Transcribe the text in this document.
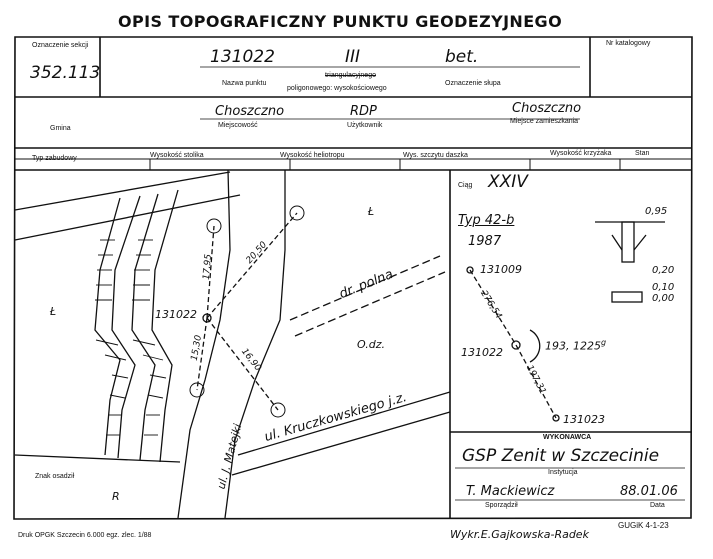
OPIS TOPOGRAFICZNY PUNKTU GEODEZYJNEGO
Oznaczenie sekcji
352.113
Nr katalogowy
131022	III	bet.
Nazwa punktu
triangulacyjnego
poligonowego: wysokościowego
Oznaczenie słupa
Gmina
Choszczno
Miejscowość
RDP
Użytkownik
Choszczno
Miejsce zamieszkania
Typ zabudowy	Wysokość stolika	Wysokość heliotropu	Wys. szczytu daszka	Wysokość krzyżaka	Stan
Ł
Ł
O.dz.
R
131022
dr. polna
ul. Kruczkowskiego j.z.
ul. J. Matejki
17,95
20,50
15,30	16,90
Znak osadził
Ciąg XXIV
Typ 42-b
1987
131009
131022
131023
276,54
197,31
193, 1225$^g$
0,95
0,20
0,10
0,00
WYKONAWCA
GSP Zenit w Szczecinie
Instytucja
T. Mackiewicz
Sporządził
88.01.06
Data
Druk OPGK Szczecin 6.000 egz. zlec. 1/88	Wykr.E.Gajkowska-Radek
GUGiK 4-1-23
